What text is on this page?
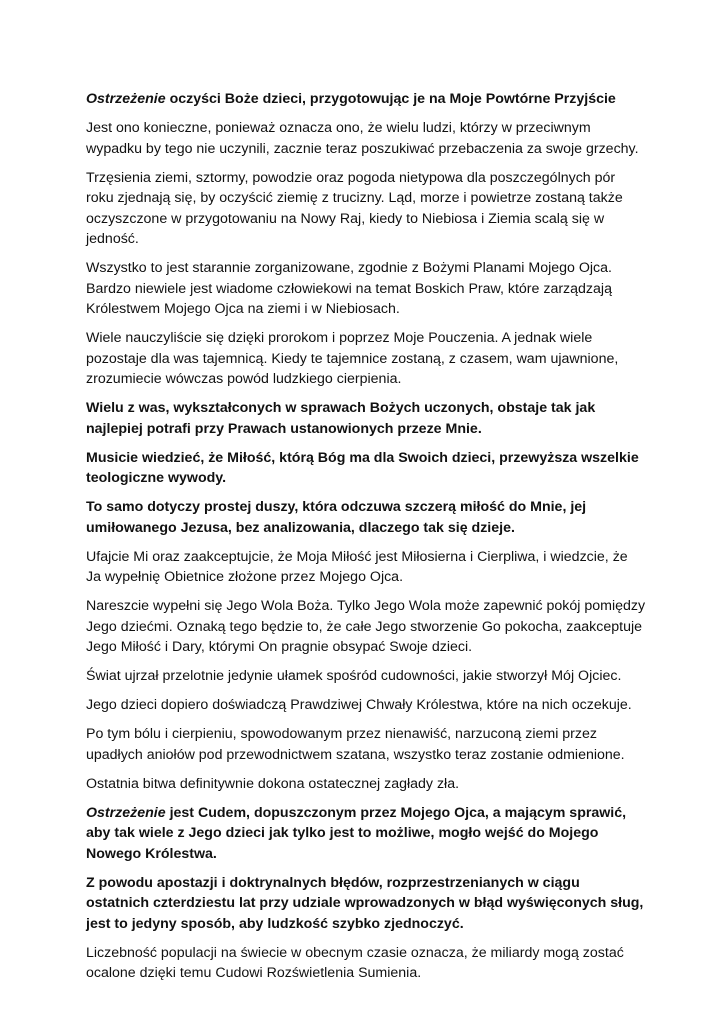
Ostrzeżenie oczyści Boże dzieci, przygotowując je na Moje Powtórne Przyjście

Jest ono konieczne, ponieważ oznacza ono, że wielu ludzi, którzy w przeciwnym wypadku by tego nie uczynili, zacznie teraz poszukiwać przebaczenia za swoje grzechy.

Trzęsienia ziemi, sztormy, powodzie oraz pogoda nietypowa dla poszczególnych pór roku zjednają się, by oczyścić ziemię z trucizny. Ląd, morze i powietrze zostaną także oczyszczone w przygotowaniu na Nowy Raj, kiedy to Niebiosa i Ziemia scalą się w jedność.

Wszystko to jest starannie zorganizowane, zgodnie z Bożymi Planami Mojego Ojca. Bardzo niewiele jest wiadome człowiekowi na temat Boskich Praw, które zarządzają Królestwem Mojego Ojca na ziemi i w Niebiosach.

Wiele nauczyliście się dzięki prorokom i poprzez Moje Pouczenia. A jednak wiele pozostaje dla was tajemnicą. Kiedy te tajemnice zostaną, z czasem, wam ujawnione, zrozumiecie wówczas powód ludzkiego cierpienia.

Wielu z was, wykształconych w sprawach Bożych uczonych, obstaje tak jak najlepiej potrafi przy Prawach ustanowionych przeze Mnie.

Musicie wiedzieć, że Miłość, którą Bóg ma dla Swoich dzieci, przewyższa wszelkie teologiczne wywody.

To samo dotyczy prostej duszy, która odczuwa szczerą miłość do Mnie, jej umiłowanego Jezusa, bez analizowania, dlaczego tak się dzieje.

Ufajcie Mi oraz zaakceptujcie, że Moja Miłość jest Miłosierna i Cierpliwa, i wiedzcie, że Ja wypełnię Obietnice złożone przez Mojego Ojca.

Nareszcie wypełni się Jego Wola Boża. Tylko Jego Wola może zapewnić pokój pomiędzy Jego dziećmi. Oznaką tego będzie to, że całe Jego stworzenie Go pokocha, zaakceptuje Jego Miłość i Dary, którymi On pragnie obsypać Swoje dzieci.

Świat ujrzał przelotnie jedynie ułamek spośród cudowności, jakie stworzył Mój Ojciec.

Jego dzieci dopiero doświadczą Prawdziwej Chwały Królestwa, które na nich oczekuje.

Po tym bólu i cierpieniu, spowodowanym przez nienawiść, narzuconą ziemi przez upadłych aniołów pod przewodnictwem szatana, wszystko teraz zostanie odmienione.

Ostatnia bitwa definitywnie dokona ostatecznej zagłady zła.

Ostrzeżenie jest Cudem, dopuszczonym przez Mojego Ojca, a mającym sprawić, aby tak wiele z Jego dzieci jak tylko jest to możliwe, mogło wejść do Mojego Nowego Królestwa.

Z powodu apostazji i doktrynalnych błędów, rozprzestrzenianych w ciągu ostatnich czterdziestu lat przy udziale wprowadzonych w błąd wyświęconych sług, jest to jedyny sposób, aby ludzkość szybko zjednoczyć.

Liczebność populacji na świecie w obecnym czasie oznacza, że miliardy mogą zostać ocalone dzięki temu Cudowi Rozświetlenia Sumienia.
